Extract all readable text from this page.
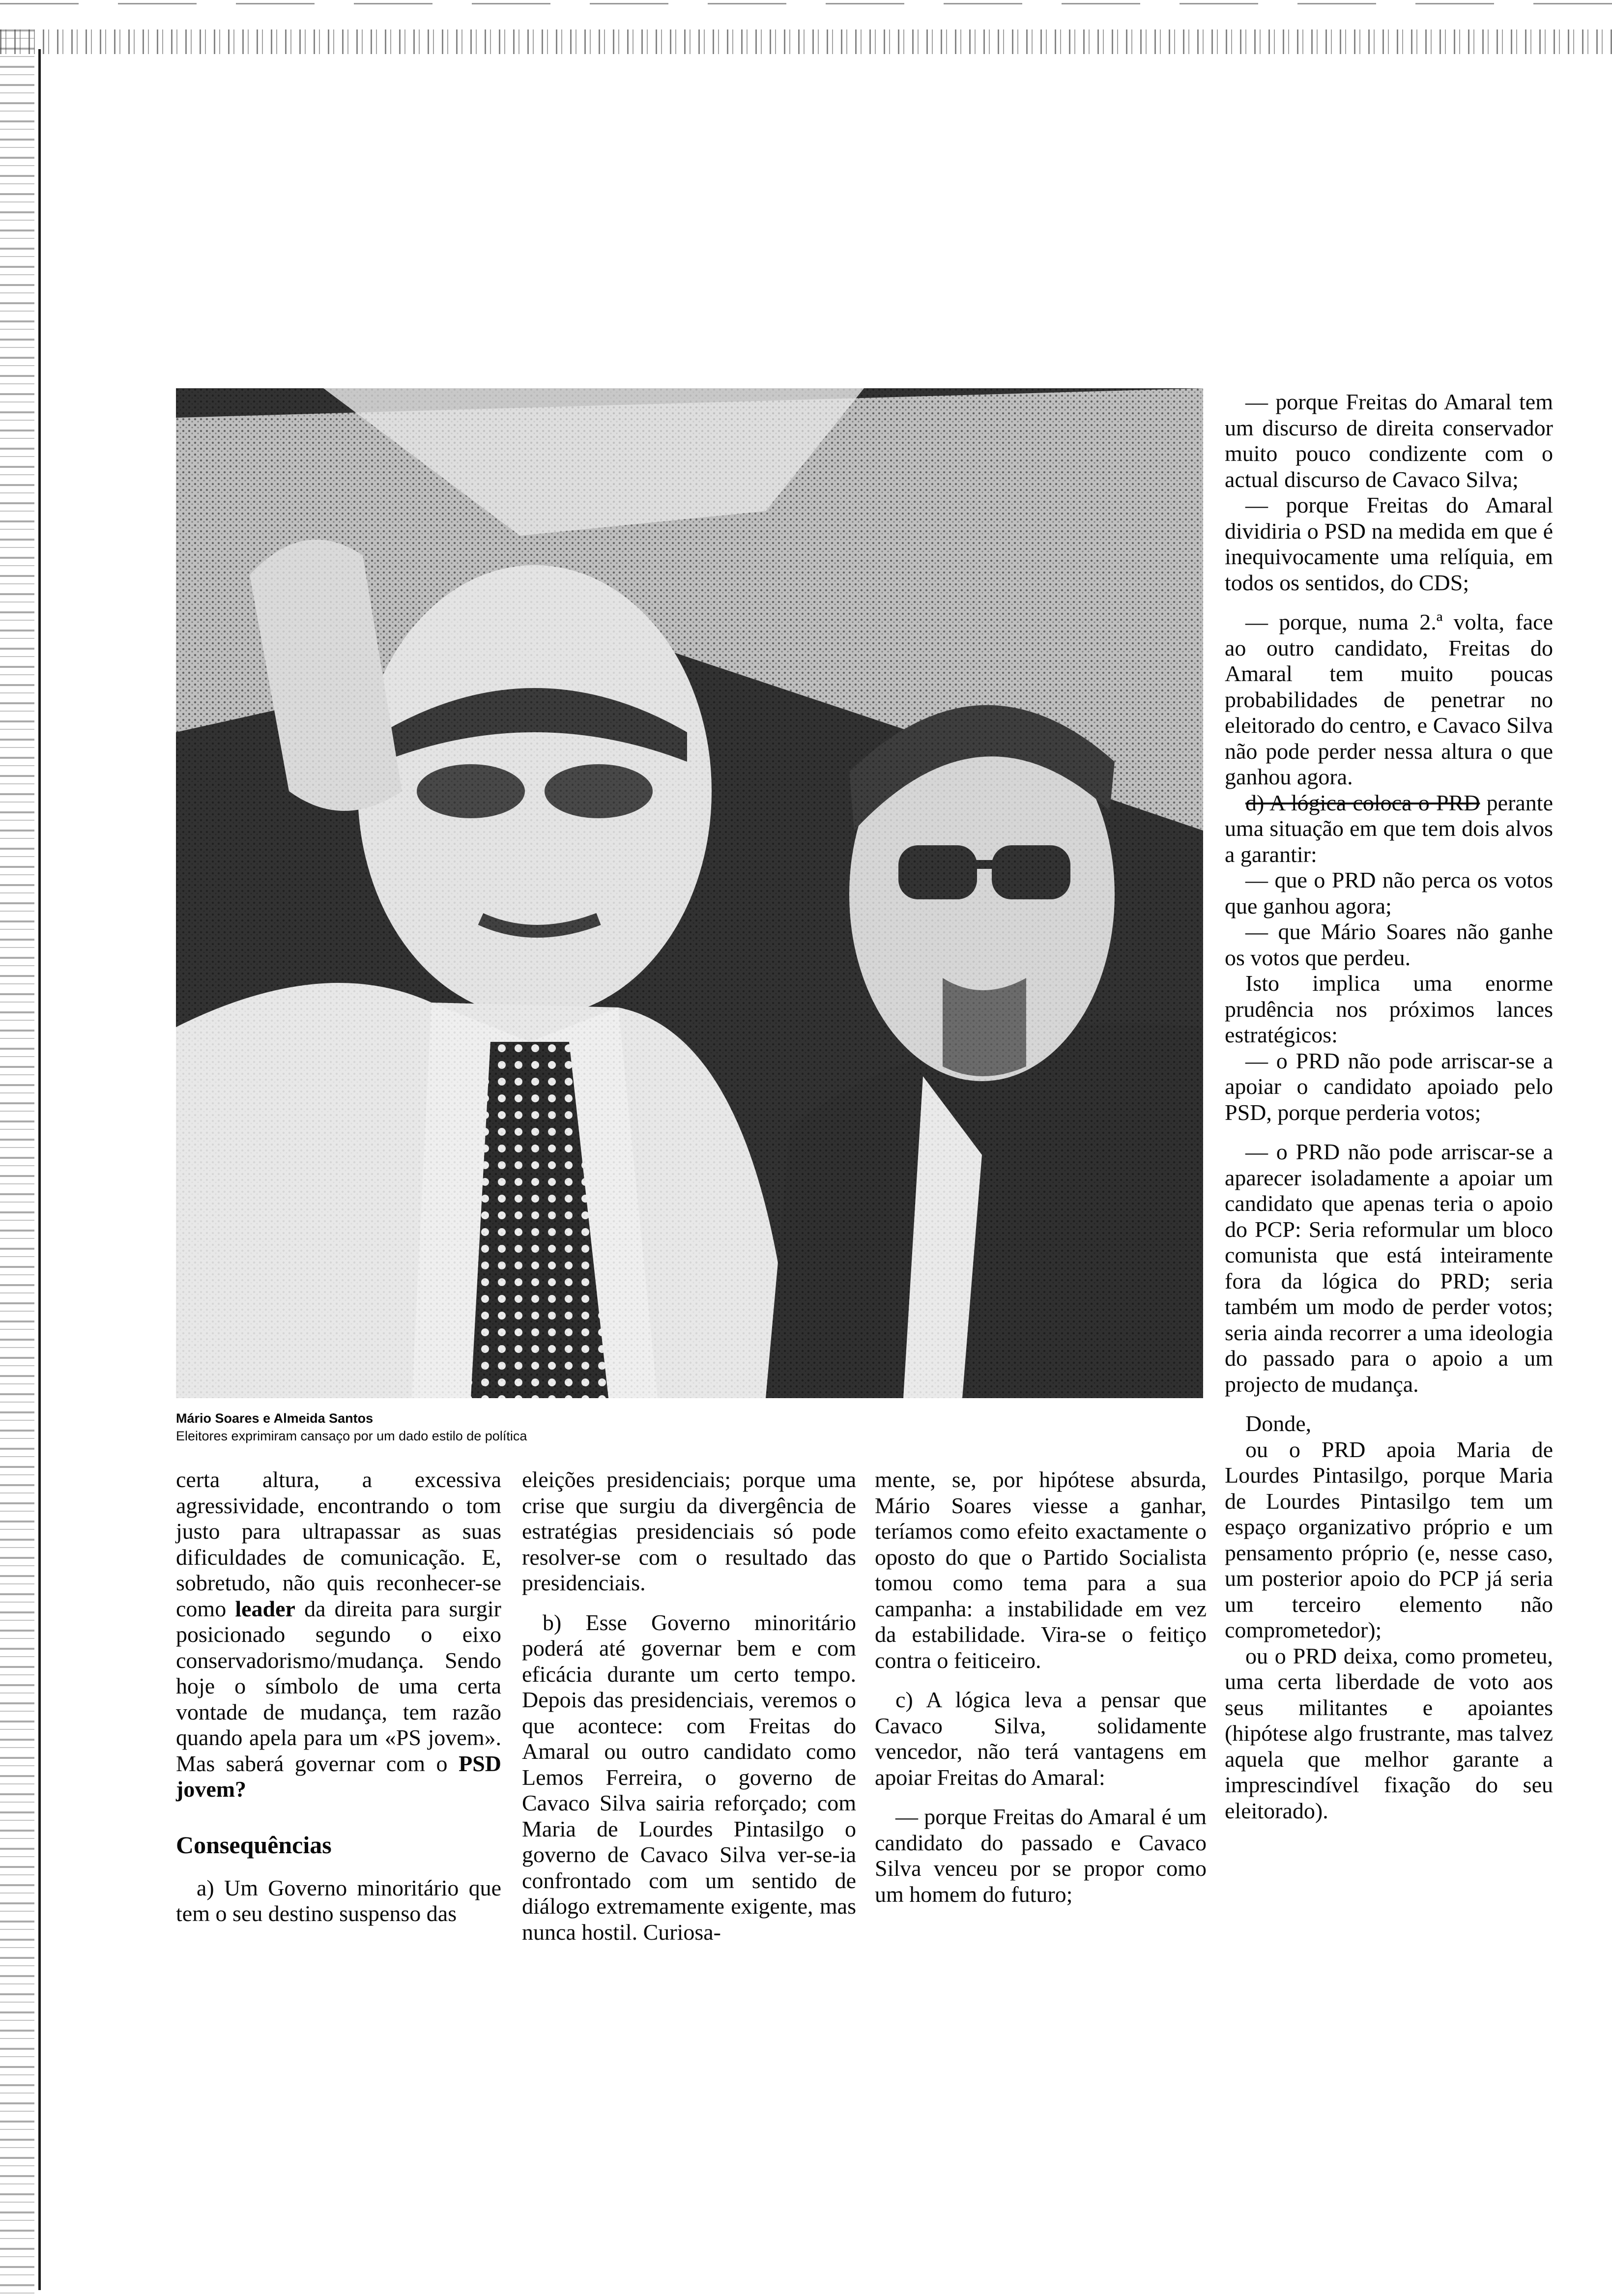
Mário Soares e Almeida Santos
Eleitores exprimiram cansaço por um dado estilo de política

certa altura, a excessiva agressividade, encontrando o tom justo para ultrapassar as suas dificuldades de comunicação. E, sobretudo, não quis reconhecer-se como leader da direita para surgir posicionado segundo o eixo conservadorismo/mudança. Sendo hoje o símbolo de uma certa vontade de mudança, tem razão quando apela para um «PS jovem». Mas saberá governar com o PSD jovem?

Consequências

a) Um Governo minoritário que tem o seu destino suspenso das

eleições presidenciais; porque uma crise que surgiu da divergência de estratégias presidenciais só pode resolver-se com o resultado das presidenciais.

b) Esse Governo minoritário poderá até governar bem e com eficácia durante um certo tempo. Depois das presidenciais, veremos o que acontece: com Freitas do Amaral ou outro candidato como Lemos Ferreira, o governo de Cavaco Silva sairia reforçado; com Maria de Lourdes Pintasilgo o governo de Cavaco Silva ver-se-ia confrontado com um sentido de diálogo extremamente exigente, mas nunca hostil. Curiosa-

mente, se, por hipótese absurda, Mário Soares viesse a ganhar, teríamos como efeito exactamente o oposto do que o Partido Socialista tomou como tema para a sua campanha: a instabilidade em vez da estabilidade. Vira-se o feitiço contra o feiticeiro.

c) A lógica leva a pensar que Cavaco Silva, solidamente vencedor, não terá vantagens em apoiar Freitas do Amaral:

— porque Freitas do Amaral é um candidato do passado e Cavaco Silva venceu por se propor como um homem do futuro;

— porque Freitas do Amaral tem um discurso de direita conservador muito pouco condizente com o actual discurso de Cavaco Silva;

— porque Freitas do Amaral dividiria o PSD na medida em que é inequivocamente uma relíquia, em todos os sentidos, do CDS;

— porque, numa 2.ª volta, face ao outro candidato, Freitas do Amaral tem muito poucas probabilidades de penetrar no eleitorado do centro, e Cavaco Silva não pode perder nessa altura o que ganhou agora.

d) A lógica coloca o PRD perante uma situação em que tem dois alvos a garantir:

— que o PRD não perca os votos que ganhou agora;

— que Mário Soares não ganhe os votos que perdeu.

Isto implica uma enorme prudência nos próximos lances estratégicos:

— o PRD não pode arriscar-se a apoiar o candidato apoiado pelo PSD, porque perderia votos;

— o PRD não pode arriscar-se a aparecer isoladamente a apoiar um candidato que apenas teria o apoio do PCP: Seria reformular um bloco comunista que está inteiramente fora da lógica do PRD; seria também um modo de perder votos; seria ainda recorrer a uma ideologia do passado para o apoio a um projecto de mudança.

Donde,

ou o PRD apoia Maria de Lourdes Pintasilgo, porque Maria de Lourdes Pintasilgo tem um espaço organizativo próprio e um pensamento próprio (e, nesse caso, um posterior apoio do PCP já seria um terceiro elemento não comprometedor);

ou o PRD deixa, como prometeu, uma certa liberdade de voto aos seus militantes e apoiantes (hipótese algo frustrante, mas talvez aquela que melhor garante a imprescindível fixação do seu eleitorado).
